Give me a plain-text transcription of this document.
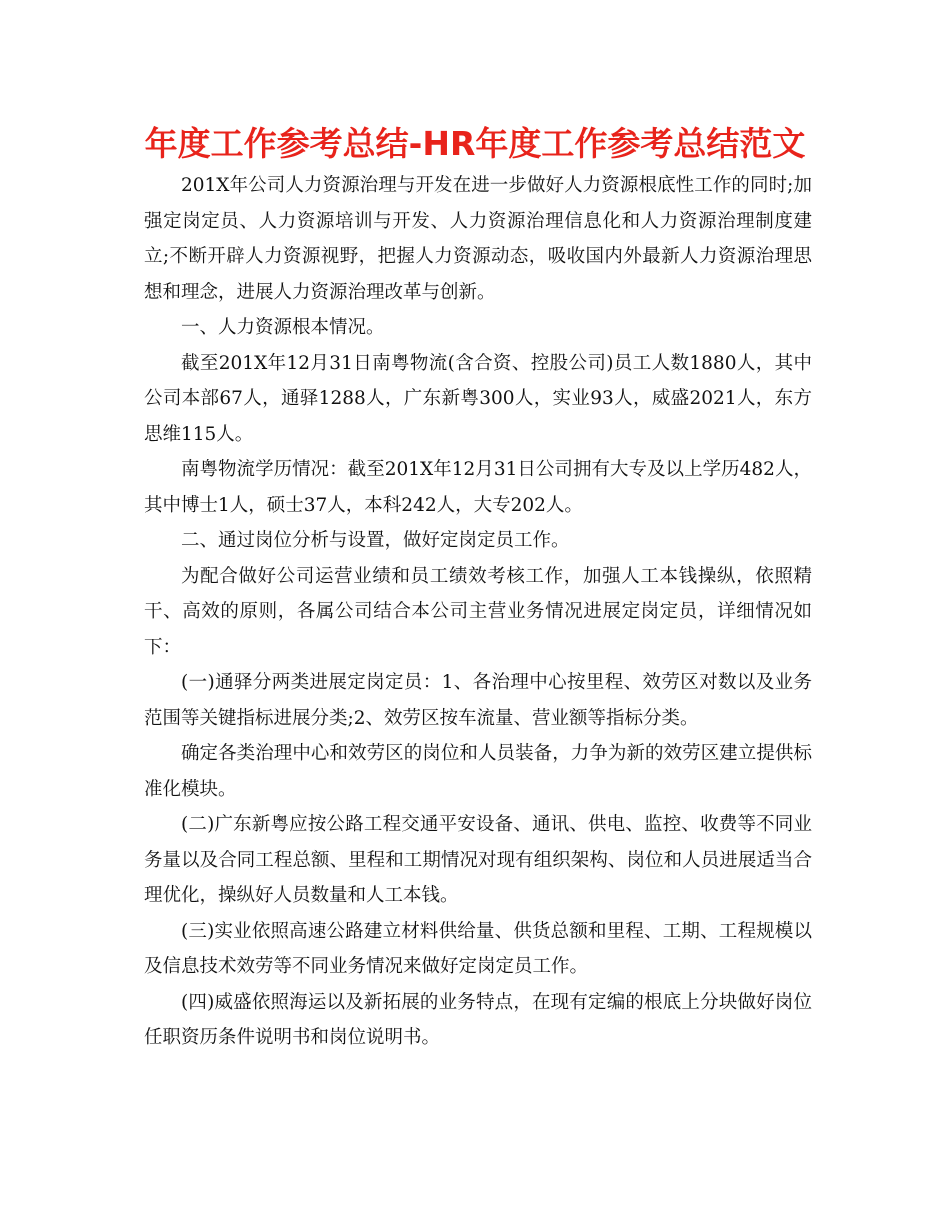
年度工作参考总结-HR年度工作参考总结范文

201X年公司人力资源治理与开发在进一步做好人力资源根底性工作的同时;加强定岗定员、人力资源培训与开发、人力资源治理信息化和人力资源治理制度建立;不断开辟人力资源视野，把握人力资源动态，吸收国内外最新人力资源治理思想和理念，进展人力资源治理改革与创新。

一、人力资源根本情况。

截至201X年12月31日南粤物流(含合资、控股公司)员工人数1880人，其中公司本部67人，通驿1288人，广东新粤300人，实业93人，威盛2021人，东方思维115人。

南粤物流学历情况：截至201X年12月31日公司拥有大专及以上学历482人，其中博士1人，硕士37人，本科242人，大专202人。

二、通过岗位分析与设置，做好定岗定员工作。

为配合做好公司运营业绩和员工绩效考核工作，加强人工本钱操纵，依照精干、高效的原则，各属公司结合本公司主营业务情况进展定岗定员，详细情况如下：

(一)通驿分两类进展定岗定员：1、各治理中心按里程、效劳区对数以及业务范围等关键指标进展分类;2、效劳区按车流量、营业额等指标分类。

确定各类治理中心和效劳区的岗位和人员装备，力争为新的效劳区建立提供标准化模块。

(二)广东新粤应按公路工程交通平安设备、通讯、供电、监控、收费等不同业务量以及合同工程总额、里程和工期情况对现有组织架构、岗位和人员进展适当合理优化，操纵好人员数量和人工本钱。

(三)实业依照高速公路建立材料供给量、供货总额和里程、工期、工程规模以及信息技术效劳等不同业务情况来做好定岗定员工作。

(四)威盛依照海运以及新拓展的业务特点，在现有定编的根底上分块做好岗位任职资历条件说明书和岗位说明书。
